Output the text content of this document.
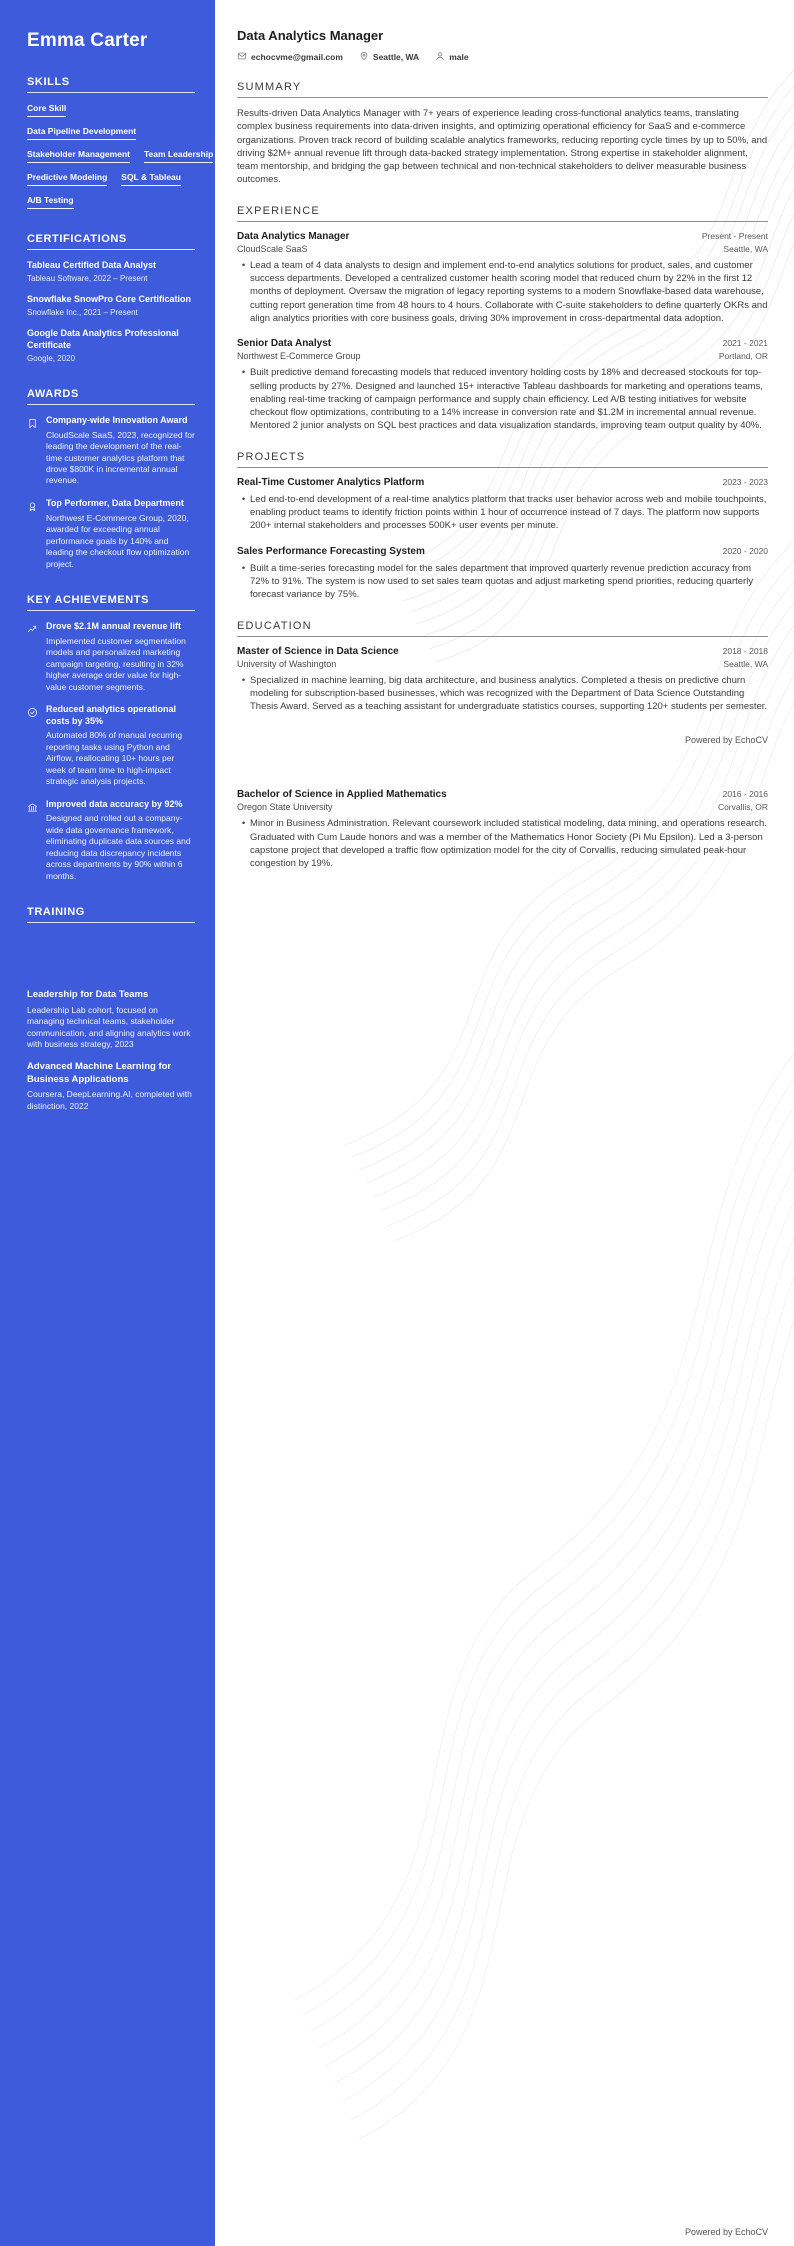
Emma Carter
SKILLS
Core Skill
Data Pipeline Development
Stakeholder Management Team Leadership
Predictive Modeling SQL & Tableau
A/B Testing
CERTIFICATIONS
Tableau Certified Data Analyst
Tableau Software, 2022 – Present
Snowflake SnowPro Core Certification
Snowflake Inc., 2021 – Present
Google Data Analytics Professional Certificate
Google, 2020
AWARDS
Company-wide Innovation Award
CloudScale SaaS, 2023, recognized for leading the development of the real-time customer analytics platform that drove $800K in incremental annual revenue.
Top Performer, Data Department
Northwest E-Commerce Group, 2020, awarded for exceeding annual performance goals by 140% and leading the checkout flow optimization project.
KEY ACHIEVEMENTS
Drove $2.1M annual revenue lift
Implemented customer segmentation models and personalized marketing campaign targeting, resulting in 32% higher average order value for high-value customer segments.
Reduced analytics operational costs by 35%
Automated 80% of manual recurring reporting tasks using Python and Airflow, reallocating 10+ hours per week of team time to high-impact strategic analysis projects.
Improved data accuracy by 92%
Designed and rolled out a company-wide data governance framework, eliminating duplicate data sources and reducing data discrepancy incidents across departments by 90% within 6 months.
TRAINING
Leadership for Data Teams
Leadership Lab cohort, focused on managing technical teams, stakeholder communication, and aligning analytics work with business strategy, 2023
Advanced Machine Learning for Business Applications
Coursera, DeepLearning.AI, completed with distinction, 2022
Data Analytics Manager
echocvme@gmail.com	Seattle, WA	male
SUMMARY

Results-driven Data Analytics Manager with 7+ years of experience leading cross-functional analytics teams, translating complex business requirements into data-driven insights, and optimizing operational efficiency for SaaS and e-commerce organizations. Proven track record of building scalable analytics frameworks, reducing reporting cycle times by up to 50%, and driving $2M+ annual revenue lift through data-backed strategy implementation. Strong expertise in stakeholder alignment, team mentorship, and bridging the gap between technical and non-technical stakeholders to deliver measurable business outcomes.

EXPERIENCE
Data Analytics Manager	Present - Present
CloudScale SaaS	Seattle, WA
• Lead a team of 4 data analysts to design and implement end-to-end analytics solutions for product, sales, and customer success departments. Developed a centralized customer health scoring model that reduced churn by 22% in the first 12 months of deployment. Oversaw the migration of legacy reporting systems to a modern Snowflake-based data warehouse, cutting report generation time from 48 hours to 4 hours. Collaborate with C-suite stakeholders to define quarterly OKRs and align analytics priorities with core business goals, driving 30% improvement in cross-departmental data adoption.
Senior Data Analyst	2021 - 2021
Northwest E-Commerce Group	Portland, OR
• Built predictive demand forecasting models that reduced inventory holding costs by 18% and decreased stockouts for top-selling products by 27%. Designed and launched 15+ interactive Tableau dashboards for marketing and operations teams, enabling real-time tracking of campaign performance and supply chain efficiency. Led A/B testing initiatives for website checkout flow optimizations, contributing to a 14% increase in conversion rate and $1.2M in incremental annual revenue. Mentored 2 junior analysts on SQL best practices and data visualization standards, improving team output quality by 40%.
PROJECTS
Real-Time Customer Analytics Platform	2023 - 2023
• Led end-to-end development of a real-time analytics platform that tracks user behavior across web and mobile touchpoints, enabling product teams to identify friction points within 1 hour of occurrence instead of 7 days. The platform now supports 200+ internal stakeholders and processes 500K+ user events per minute.
Sales Performance Forecasting System	2020 - 2020
• Built a time-series forecasting model for the sales department that improved quarterly revenue prediction accuracy from 72% to 91%. The system is now used to set sales team quotas and adjust marketing spend priorities, reducing quarterly forecast variance by 75%.
EDUCATION
Master of Science in Data Science	2018 - 2018
University of Washington	Seattle, WA
• Specialized in machine learning, big data architecture, and business analytics. Completed a thesis on predictive churn modeling for subscription-based businesses, which was recognized with the Department of Data Science Outstanding Thesis Award. Served as a teaching assistant for undergraduate statistics courses, supporting 120+ students per semester.
Powered by EchoCV
Bachelor of Science in Applied Mathematics	2016 - 2016
Oregon State University	Corvallis, OR
• Minor in Business Administration. Relevant coursework included statistical modeling, data mining, and operations research. Graduated with Cum Laude honors and was a member of the Mathematics Honor Society (Pi Mu Epsilon). Led a 3-person capstone project that developed a traffic flow optimization model for the city of Corvallis, reducing simulated peak-hour congestion by 19%.
Powered by EchoCV
